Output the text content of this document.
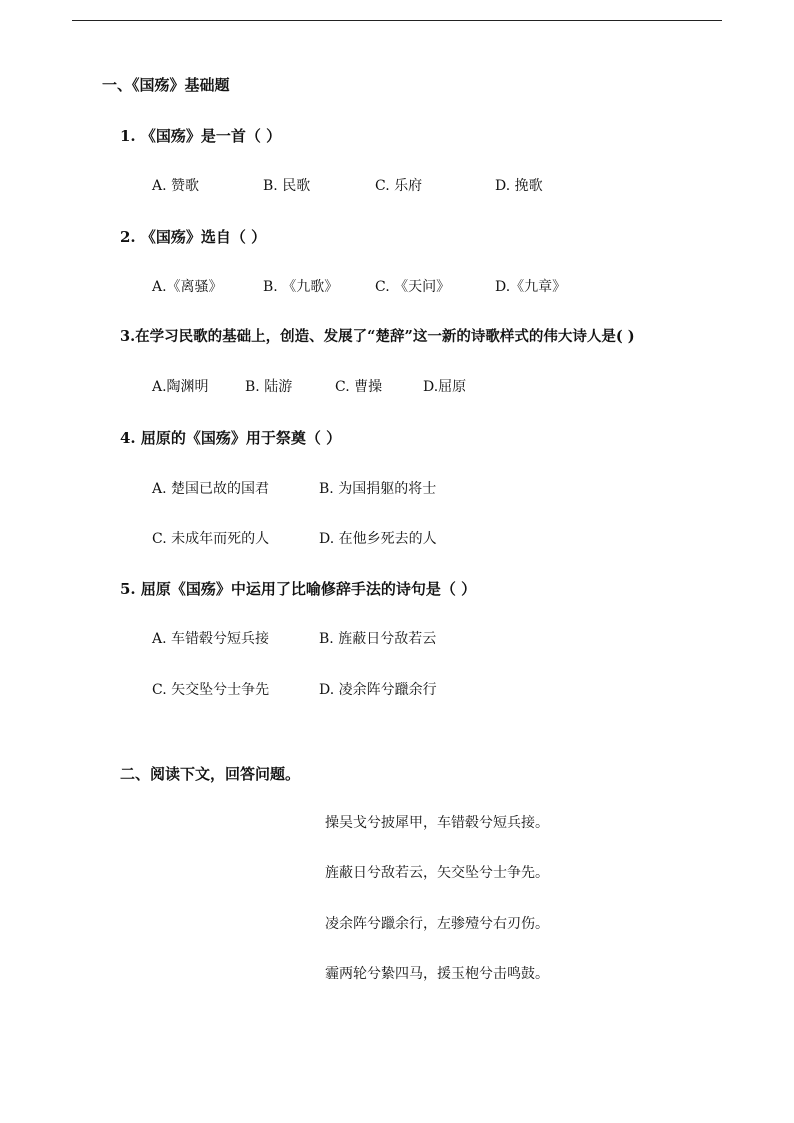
一、《国殇》基础题
1. 《国殇》是一首（ ）
A. 赞歌	B. 民歌	C. 乐府	D. 挽歌
2. 《国殇》选自（ ）
A.《离骚》	B. 《九歌》	C. 《天问》	D.《九章》
3.在学习民歌的基础上，创造、发展了“楚辞”这一新的诗歌样式的伟大诗人是( )
A.陶渊明	B. 陆游	C. 曹操	D.屈原
4. 屈原的《国殇》用于祭奠（ ）
A. 楚国已故的国君	B. 为国捐躯的将士
C. 未成年而死的人	D. 在他乡死去的人
5. 屈原《国殇》中运用了比喻修辞手法的诗句是（ ）
A. 车错毂兮短兵接	B. 旌蔽日兮敌若云
C. 矢交坠兮士争先	D. 凌余阵兮躐余行
二、阅读下文，回答问题。
操吴戈兮披犀甲，车错毂兮短兵接。
旌蔽日兮敌若云，矢交坠兮士争先。
凌余阵兮躐余行，左骖殪兮右刃伤。
霾两轮兮絷四马，援玉枹兮击鸣鼓。
